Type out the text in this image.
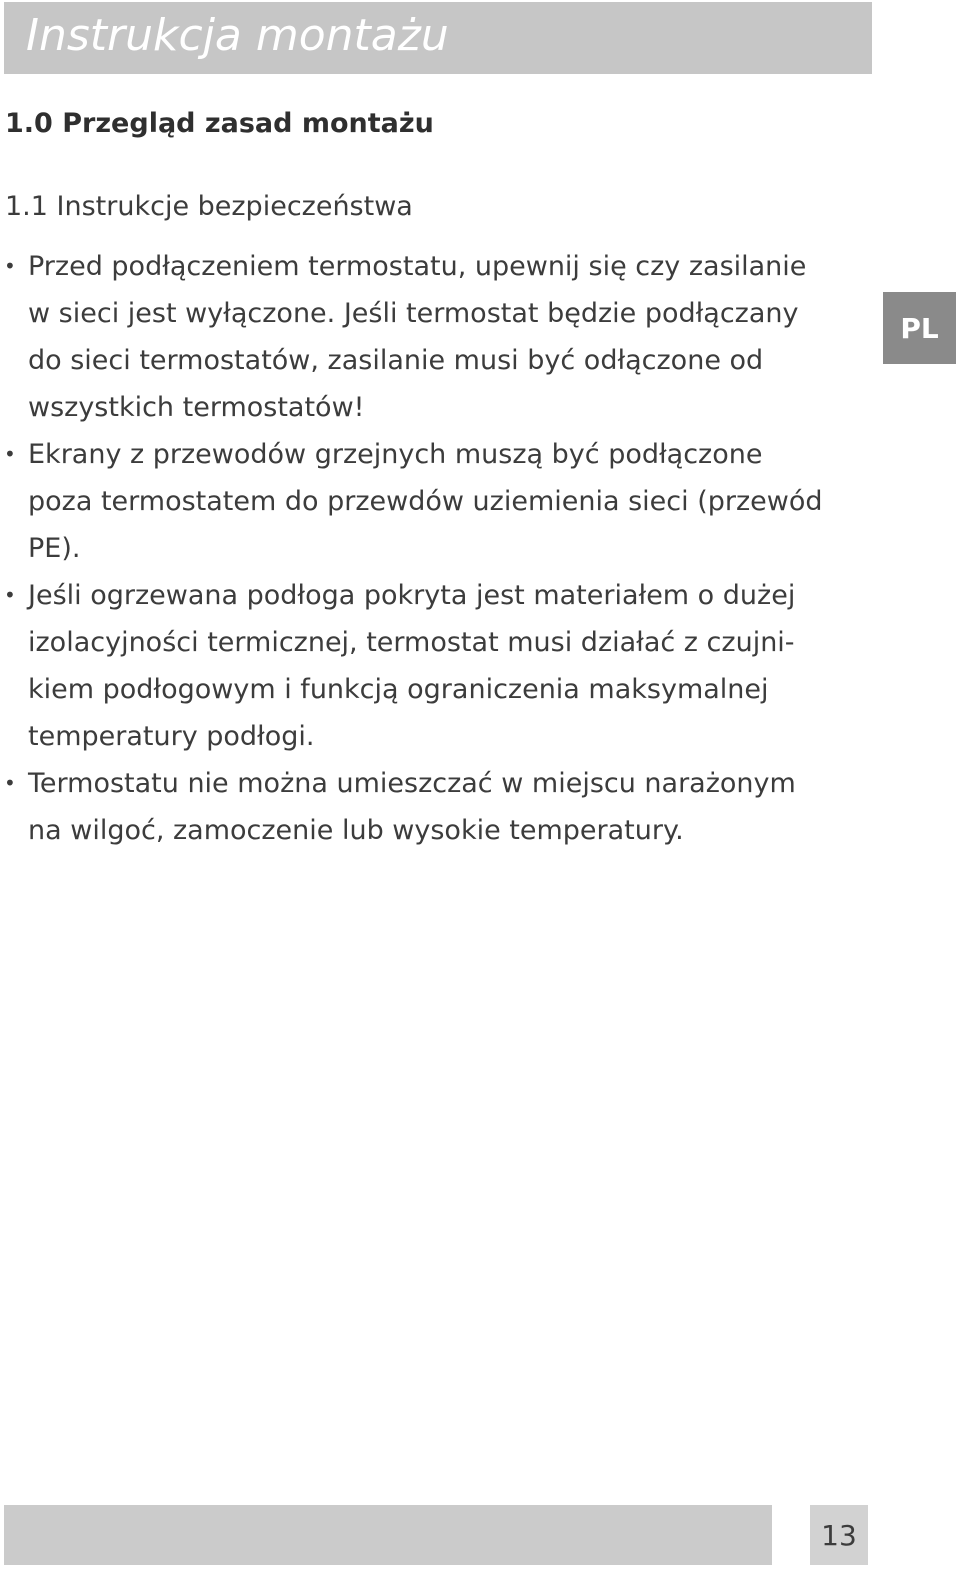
Instrukcja montażu
1.0 Przegląd zasad montażu
1.1 Instrukcje bezpieczeństwa
• Przed podłączeniem termostatu, upewnij się czy zasilanie
w sieci jest wyłączone. Jeśli termostat będzie podłączany
do sieci termostatów, zasilanie musi być odłączone od
wszystkich termostatów!
• Ekrany z przewodów grzejnych muszą być podłączone
poza termostatem do przewdów uziemienia sieci (przewód
PE).
• Jeśli ogrzewana podłoga pokryta jest materiałem o dużej
izolacyjności termicznej, termostat musi działać z czujni-
kiem podłogowym i funkcją ograniczenia maksymalnej
temperatury podłogi.
• Termostatu nie można umieszczać w miejscu narażonym
na wilgoć, zamoczenie lub wysokie temperatury.
PL
13
